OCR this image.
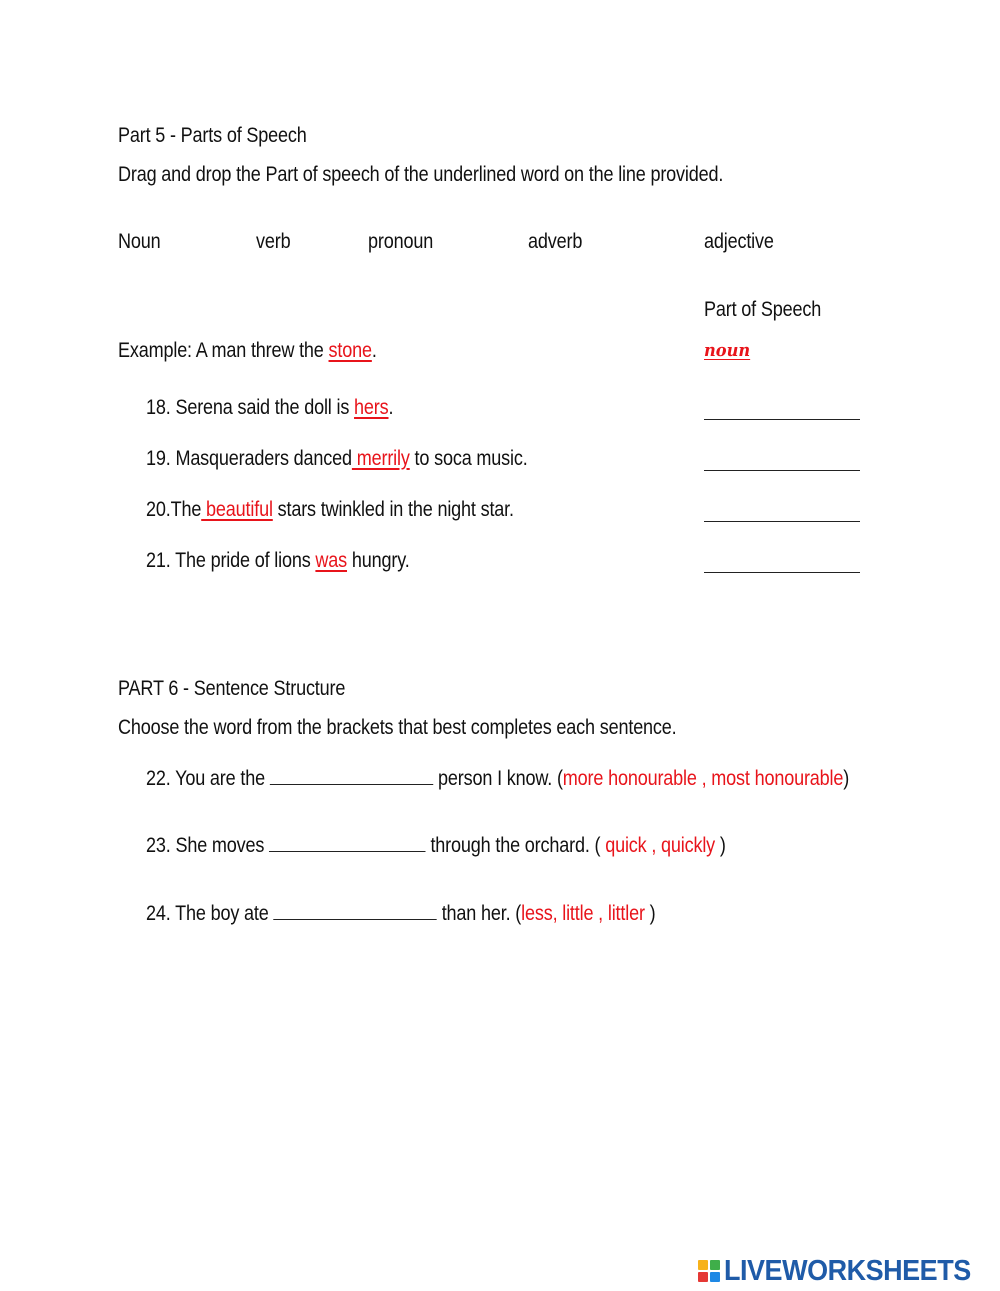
Part 5 - Parts of Speech
Drag and drop the Part of speech of the underlined word on the line provided.
Noun	verb	pronoun	adverb	adjective
Part of Speech
Example: A man threw the stone.	noun
18. Serena said the doll is hers.
19. Masqueraders danced merrily to soca music.
20.The beautiful stars twinkled in the night star.
21. The pride of lions was hungry.
PART 6 - Sentence Structure
Choose the word from the brackets that best completes each sentence.
22. You are the	person I know. (more honourable , most honourable)
23. She moves	through the orchard. ( quick , quickly )
24. The boy ate	than her. (less, little , littler )
LIVEWORKSHEETS
